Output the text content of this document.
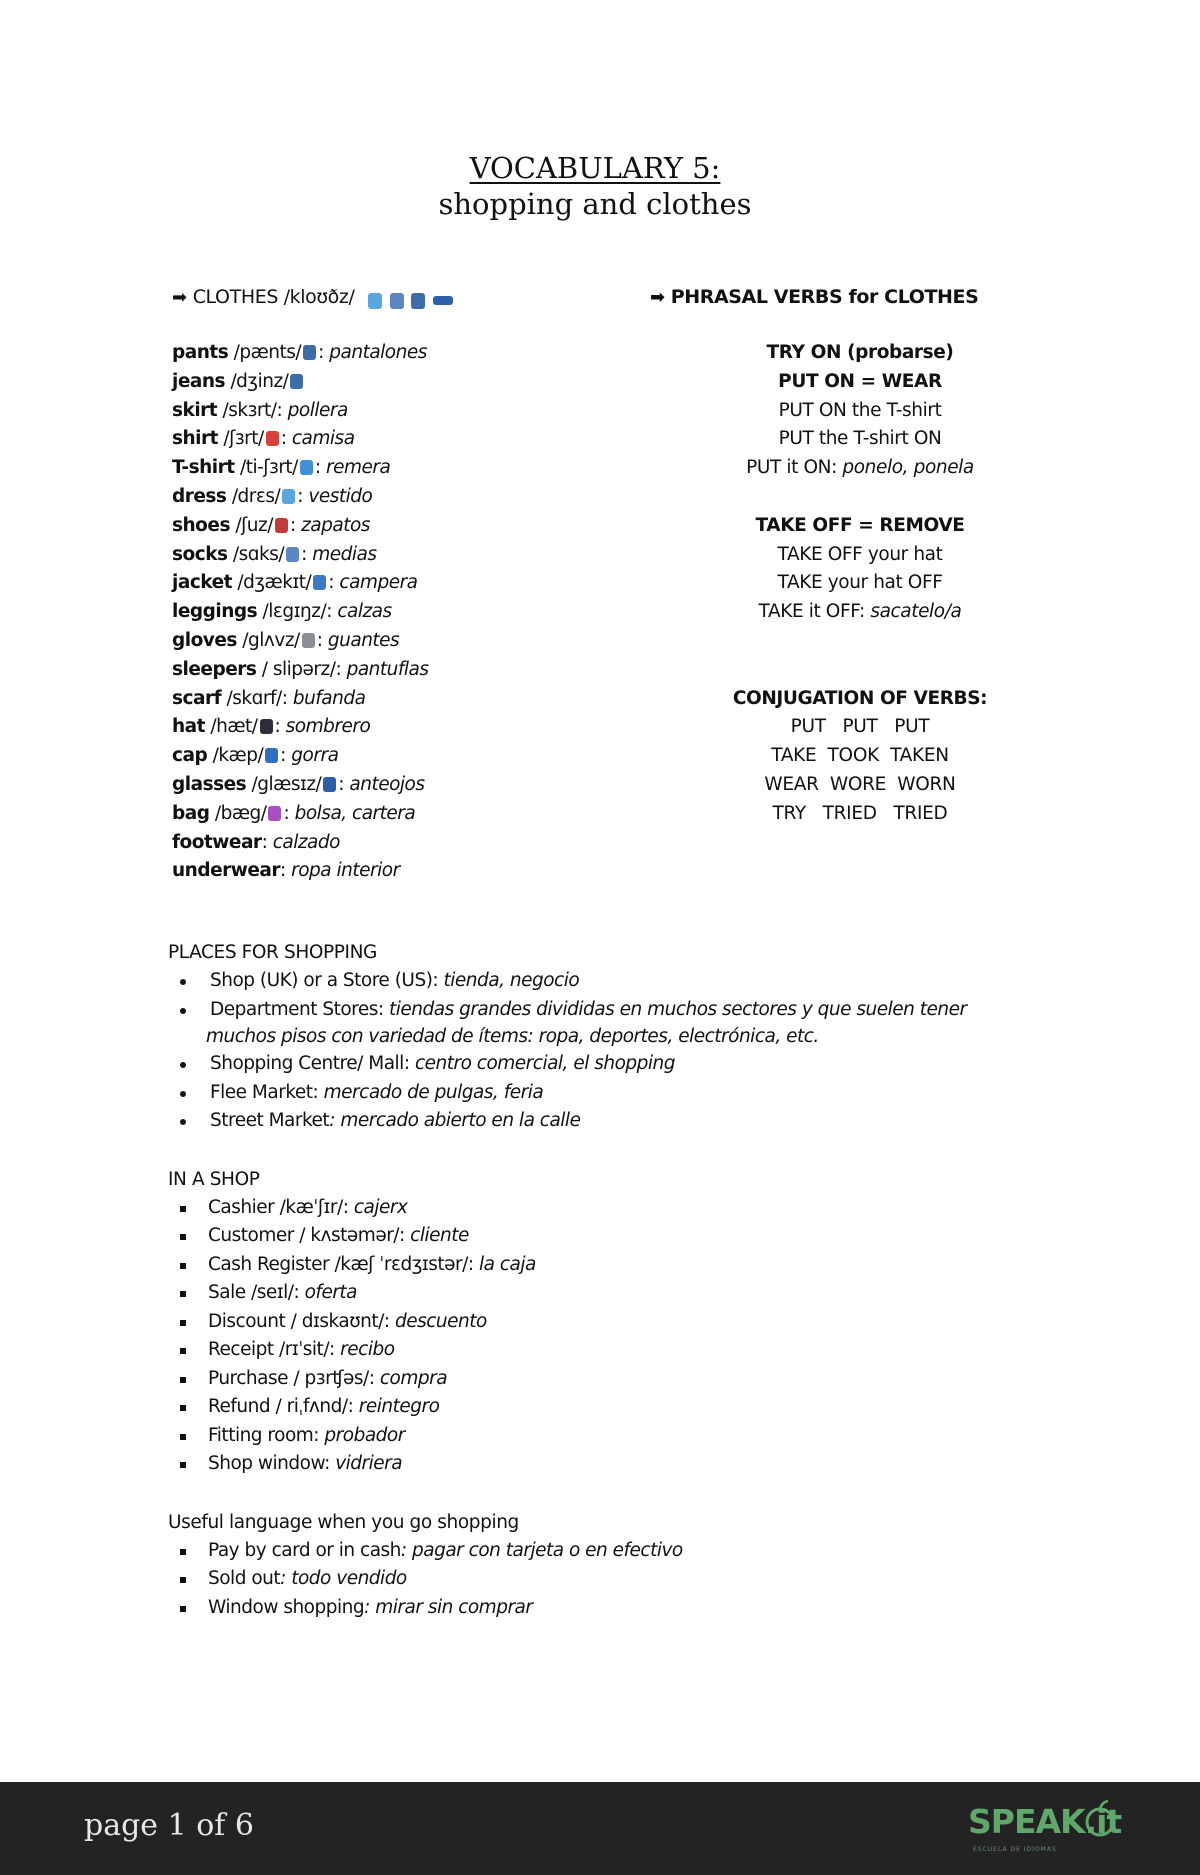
VOCABULARY 5:
shopping and clothes
➡ CLOTHES /kloʊðz/
pants /pænts/ : pantalones
jeans /dʒinz/
skirt /skɜrt/: pollera
shirt /ʃɜrt/ : camisa
T-shirt /ti-ʃɜrt/ : remera
dress /drɛs/ : vestido
shoes /ʃuz/ : zapatos
socks /sɑks/ : medias
jacket /dʒækɪt/ : campera
leggings /lɛgɪŋz/: calzas
gloves /glʌvz/ : guantes
sleepers / slipərz/: pantuflas
scarf /skɑrf/: bufanda
hat /hæt/ : sombrero
cap /kæp/ : gorra
glasses /glæsɪz/ : anteojos
bag /bæg/ : bolsa, cartera
footwear: calzado
underwear: ropa interior
➡ PHRASAL VERBS for CLOTHES
TRY ON (probarse)
PUT ON = WEAR
PUT ON the T-shirt
PUT the T-shirt ON
PUT it ON: ponelo, ponela
TAKE OFF = REMOVE
TAKE OFF your hat
TAKE your hat OFF
TAKE it OFF: sacatelo/a
CONJUGATION OF VERBS:
PUT   PUT   PUT
TAKE  TOOK  TAKEN
WEAR  WORE  WORN
TRY   TRIED   TRIED
PLACES FOR SHOPPING
Shop (UK) or a Store (US): tienda, negocio
Department Stores: tiendas grandes divididas en muchos sectores y que suelen tener
muchos pisos con variedad de ítems: ropa, deportes, electrónica, etc.
Shopping Centre/ Mall: centro comercial, el shopping
Flee Market: mercado de pulgas, feria
Street Market: mercado abierto en la calle
IN A SHOP
Cashier /kæˈʃɪr/: cajerx
Customer / kʌstəmər/: cliente
Cash Register /kæʃ ˈrɛdʒɪstər/: la caja
Sale /seɪl/: oferta
Discount / dɪskaʊnt/: descuento
Receipt /rɪˈsit/: recibo
Purchase / pɜrʧəs/: compra
Refund / riˌfʌnd/: reintegro
Fitting room: probador
Shop window: vidriera
Useful language when you go shopping
Pay by card or in cash: pagar con tarjeta o en efectivo
Sold out: todo vendido
Window shopping: mirar sin comprar
page 1 of 6	SPEAK.it
ESCUELA DE IDIOMAS
